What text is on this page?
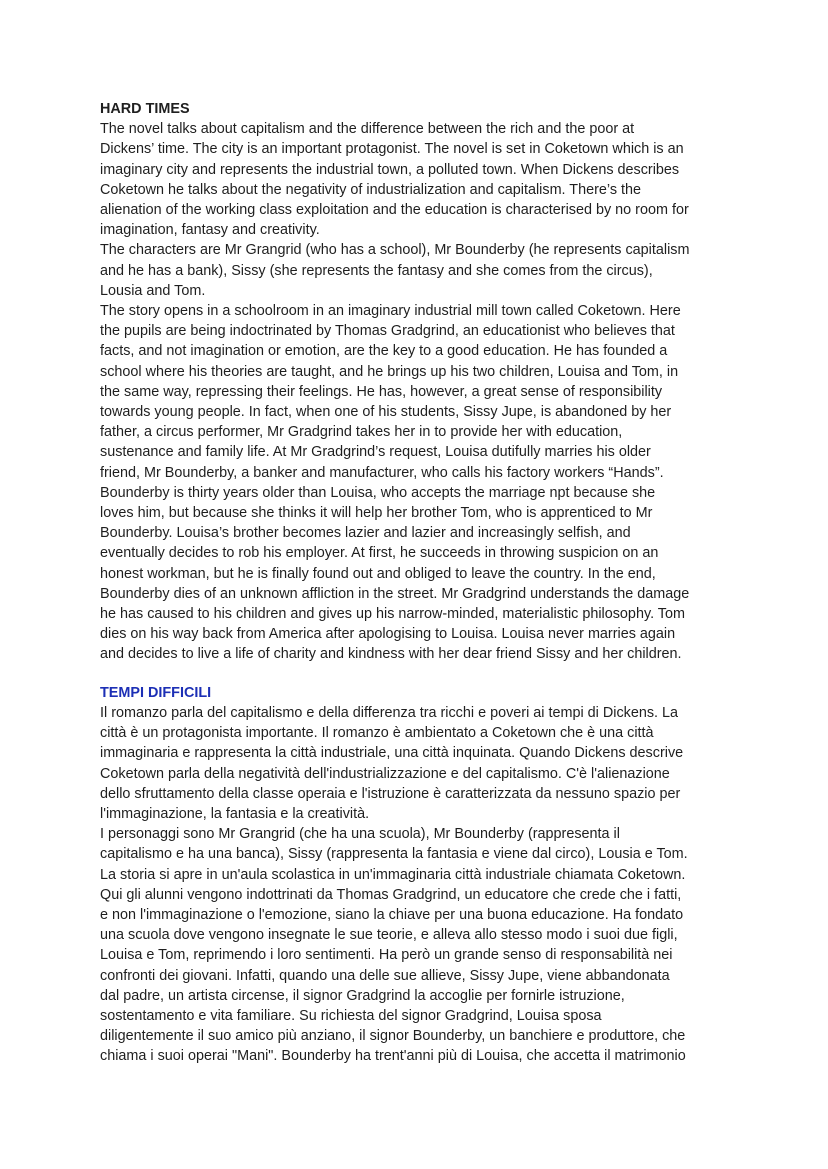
HARD TIMES

The novel talks about capitalism and the difference between the rich and the poor at
Dickens’ time. The city is an important protagonist. The novel is set in Coketown which is an
imaginary city and represents the industrial town, a polluted town. When Dickens describes
Coketown he talks about the negativity of industrialization and capitalism. There’s the
alienation of the working class exploitation and the education is characterised by no room for
imagination, fantasy and creativity.

The characters are Mr Grangrid (who has a school), Mr Bounderby (he represents capitalism
and he has a bank), Sissy (she represents the fantasy and she comes from the circus),
Lousia and Tom.

The story opens in a schoolroom in an imaginary industrial mill town called Coketown. Here
the pupils are being indoctrinated by Thomas Gradgrind, an educationist who believes that
facts, and not imagination or emotion, are the key to a good education. He has founded a
school where his theories are taught, and he brings up his two children, Louisa and Tom, in
the same way, repressing their feelings. He has, however, a great sense of responsibility
towards young people. In fact, when one of his students, Sissy Jupe, is abandoned by her
father, a circus performer, Mr Gradgrind takes her in to provide her with education,
sustenance and family life. At Mr Gradgrind’s request, Louisa dutifully marries his older
friend, Mr Bounderby, a banker and manufacturer, who calls his factory workers “Hands”.
Bounderby is thirty years older than Louisa, who accepts the marriage npt because she
loves him, but because she thinks it will help her brother Tom, who is apprenticed to Mr
Bounderby. Louisa’s brother becomes lazier and lazier and increasingly selfish, and
eventually decides to rob his employer. At first, he succeeds in throwing suspicion on an
honest workman, but he is finally found out and obliged to leave the country. In the end,
Bounderby dies of an unknown affliction in the street. Mr Gradgrind understands the damage
he has caused to his children and gives up his narrow-minded, materialistic philosophy. Tom
dies on his way back from America after apologising to Louisa. Louisa never marries again
and decides to live a life of charity and kindness with her dear friend Sissy and her children.

TEMPI DIFFICILI

Il romanzo parla del capitalismo e della differenza tra ricchi e poveri ai tempi di Dickens. La
città è un protagonista importante. Il romanzo è ambientato a Coketown che è una città
immaginaria e rappresenta la città industriale, una città inquinata. Quando Dickens descrive
Coketown parla della negatività dell'industrializzazione e del capitalismo. C'è l'alienazione
dello sfruttamento della classe operaia e l'istruzione è caratterizzata da nessuno spazio per
l'immaginazione, la fantasia e la creatività.

I personaggi sono Mr Grangrid (che ha una scuola), Mr Bounderby (rappresenta il
capitalismo e ha una banca), Sissy (rappresenta la fantasia e viene dal circo), Lousia e Tom.

La storia si apre in un'aula scolastica in un'immaginaria città industriale chiamata Coketown.
Qui gli alunni vengono indottrinati da Thomas Gradgrind, un educatore che crede che i fatti,
e non l'immaginazione o l'emozione, siano la chiave per una buona educazione. Ha fondato
una scuola dove vengono insegnate le sue teorie, e alleva allo stesso modo i suoi due figli,
Louisa e Tom, reprimendo i loro sentimenti. Ha però un grande senso di responsabilità nei
confronti dei giovani. Infatti, quando una delle sue allieve, Sissy Jupe, viene abbandonata
dal padre, un artista circense, il signor Gradgrind la accoglie per fornirle istruzione,
sostentamento e vita familiare. Su richiesta del signor Gradgrind, Louisa sposa
diligentemente il suo amico più anziano, il signor Bounderby, un banchiere e produttore, che
chiama i suoi operai "Mani". Bounderby ha trent'anni più di Louisa, che accetta il matrimonio
